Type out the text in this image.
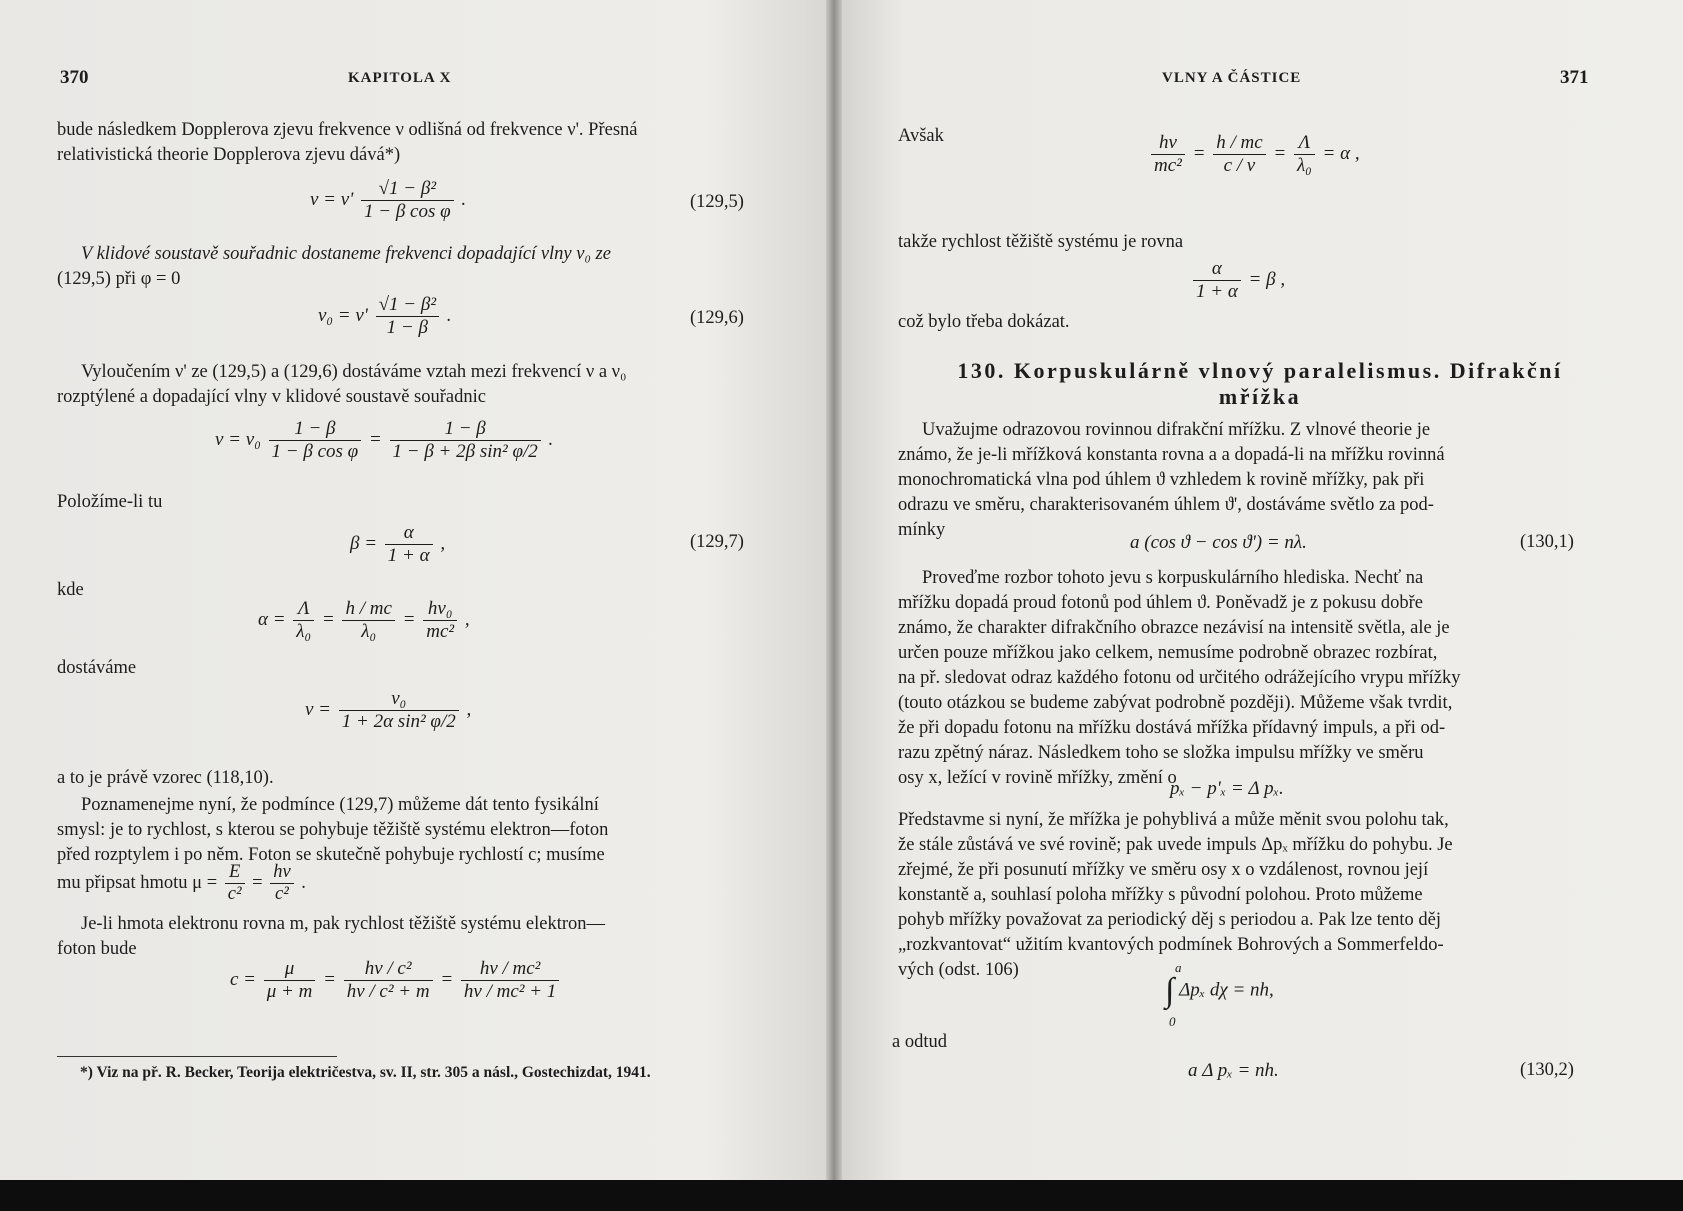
370	KAPITOLA X
bude následkem Dopplerova zjevu frekvence ν odlišná od frekvence ν'. Přesná
relativistická theorie Dopplerova zjevu dává*)
$\nu = \nu' \frac{\text{√1 − β²}}{\text{1 − β cos φ}}$ .	(129,5)
V klidové soustavě souřadnic dostaneme frekvenci dopadající vlny ν₀ ze
(129,5) při φ = 0
$\nu_0 = \nu' \frac{\text{√1 − β²}}{1 - \beta}$ .	(129,6)
Vyloučením ν' ze (129,5) a (129,6) dostáváme vztah mezi frekvencí ν a ν₀
rozptýlené a dopadající vlny v klidové soustavě souřadnic
$\nu = \nu_0 \frac{1 - \beta}{\text{1 − β cos φ}} = \frac{1 - \beta}{\text{1 − β + 2β sin² φ/2}}$ .
Položíme-li tu
$\beta = \frac{\alpha}{1 + \alpha}$ ,	(129,7)
kde
$\alpha = \frac{\Lambda}{\text{λ₀}} = \frac{h / mc}{\text{λ₀}} = \frac{\text{hν₀}}{\text{mc²}}$ ,
dostáváme
$\nu = \frac{\text{ν₀}}{\text{1 + 2α sin² φ/2}}$ ,
a to je právě vzorec (118,10).
Poznamenejme nyní, že podmínce (129,7) můžeme dát tento fysikální
smysl: je to rychlost, s kterou se pohybuje těžiště systému elektron—foton
před rozptylem i po něm. Foton se skutečně pohybuje rychlostí c; musíme
mu připsat hmotu $\mu = \frac{E}{\text{c²}} = \frac{h\nu}{\text{c²}}$ .
Je-li hmota elektronu rovna m, pak rychlost těžiště systému elektron—
foton bude
$c = \frac{\mu}{\mu + m} = \frac{\text{hν / c²}}{\text{hν / c² + m}} = \frac{\text{hν / mc²}}{\text{hν / mc² + 1}}$
*) Viz na př. R. Becker, Teorija električestva, sv. II, str. 305 a násl., Gostechizdat, 1941.
VLNY A ČÁSTICE	371
Avšak	$\frac{h\nu}{\text{mc²}} = \frac{h / mc}{c / \nu} = \frac{\Lambda}{\text{λ₀}} = \alpha$ ,
takže rychlost těžiště systému je rovna
$\frac{\alpha}{1 + \alpha} = \beta$ ,
což bylo třeba dokázat.
130. Korpuskulárně vlnový paralelismus. Difrakční mřížka
Uvažujme odrazovou rovinnou difrakční mřížku. Z vlnové theorie je
známo, že je-li mřížková konstanta rovna a a dopadá-li na mřížku rovinná
monochromatická vlna pod úhlem ϑ vzhledem k rovině mřížky, pak při
odrazu ve směru, charakterisovaném úhlem ϑ', dostáváme světlo za pod-
mínky
a (cos ϑ − cos ϑ') = nλ.	(130,1)
Proveďme rozbor tohoto jevu s korpuskulárního hlediska. Nechť na
mřížku dopadá proud fotonů pod úhlem ϑ. Poněvadž je z pokusu dobře
známo, že charakter difrakčního obrazce nezávisí na intensitě světla, ale je
určen pouze mřížkou jako celkem, nemusíme podrobně obrazec rozbírat,
na př. sledovat odraz každého fotonu od určitého odrážejícího vrypu mřížky
(touto otázkou se budeme zabývat podrobně později). Můžeme však tvrdit,
že při dopadu fotonu na mřížku dostává mřížka přídavný impuls, a při od-
razu zpětný náraz. Následkem toho se složka impulsu mřížky ve směru
osy x, ležící v rovině mřížky, změní o
pₓ − p'ₓ = Δ pₓ.
Představme si nyní, že mřížka je pohyblivá a může měnit svou polohu tak,
že stále zůstává ve své rovině; pak uvede impuls Δpₓ mřížku do pohybu. Je
zřejmé, že při posunutí mřížky ve směru osy x o vzdálenost, rovnou její
konstantě a, souhlasí poloha mřížky s původní polohou. Proto můžeme
pohyb mřížky považovat za periodický děj s periodou a. Pak lze tento děj
„rozkvantovat“ užitím kvantových podmínek Bohrových a Sommerfeldo-
vých (odst. 106)	a
∫
0
Δpₓ dχ = nh,
a odtud
a Δ pₓ = nh.	(130,2)
